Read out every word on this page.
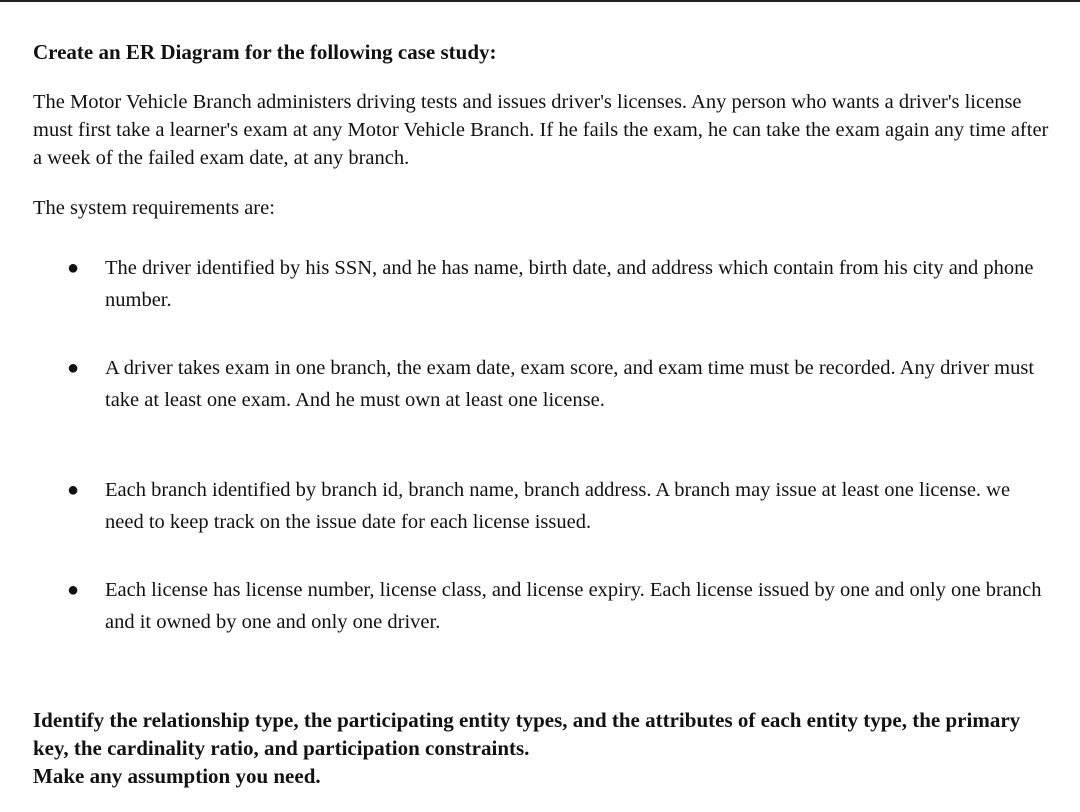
Create an ER Diagram for the following case study:

The Motor Vehicle Branch administers driving tests and issues driver's licenses. Any person who wants a driver's license must first take a learner's exam at any Motor Vehicle Branch. If he fails the exam, he can take the exam again any time after a week of the failed exam date, at any branch.

The system requirements are:

● The driver identified by his SSN, and he has name, birth date, and address which contain from his city and phone number.
● A driver takes exam in one branch, the exam date, exam score, and exam time must be recorded. Any driver must take at least one exam. And he must own at least one license.
● Each branch identified by branch id, branch name, branch address. A branch may issue at least one license. we need to keep track on the issue date for each license issued.
● Each license has license number, license class, and license expiry. Each license issued by one and only one branch and it owned by one and only one driver.
Identify the relationship type, the participating entity types, and the attributes of each entity type, the primary key, the cardinality ratio, and participation constraints.
Make any assumption you need.
